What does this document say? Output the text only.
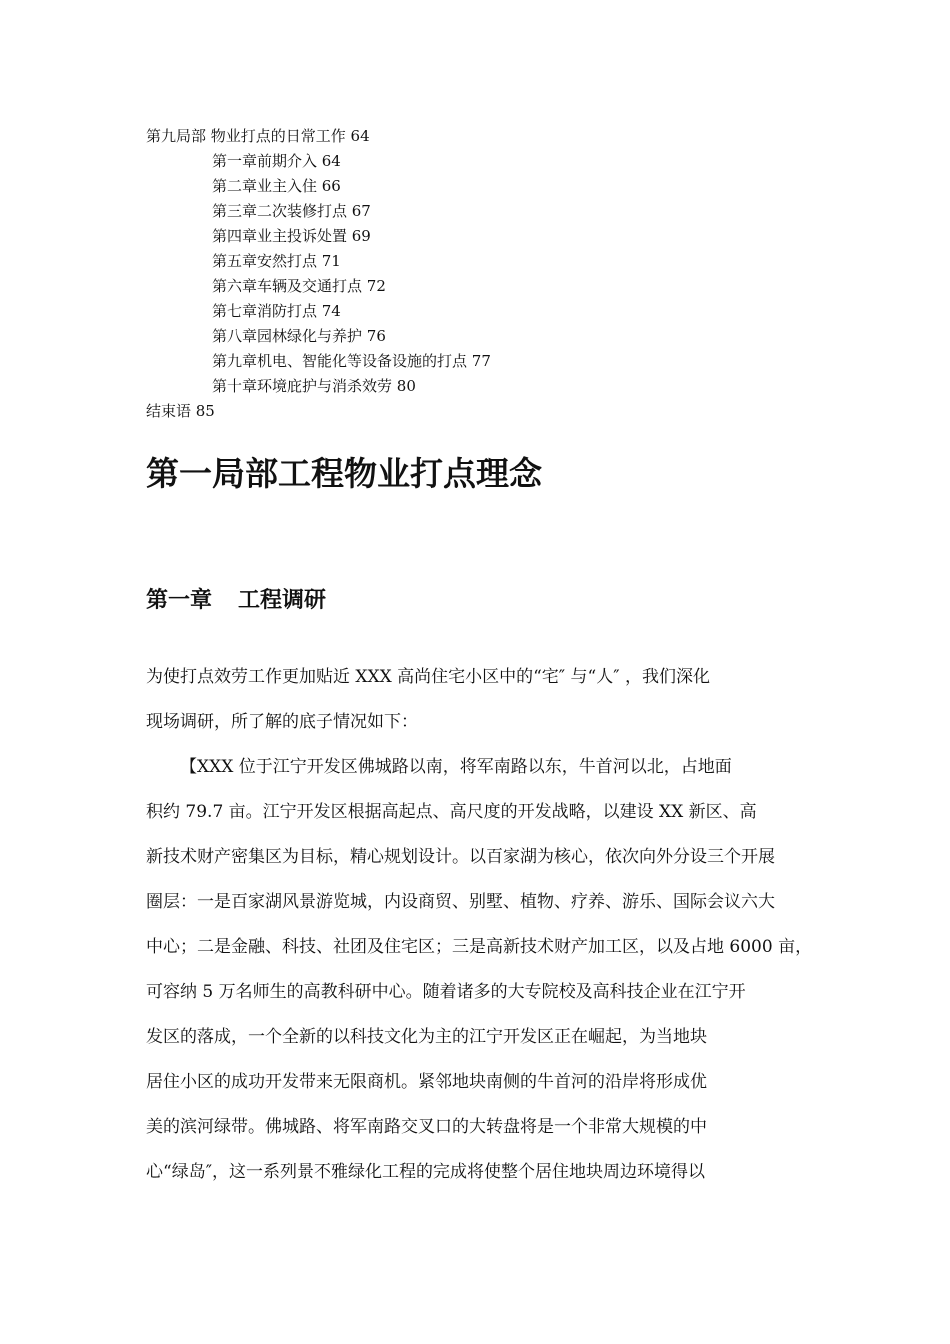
第九局部 物业打点的日常工作 64
第一章前期介入 64
第二章业主入住 66
第三章二次装修打点 67
第四章业主投诉处置 69
第五章安然打点 71
第六章车辆及交通打点 72
第七章消防打点 74
第八章园林绿化与养护 76
第九章机电、智能化等设备设施的打点 77
第十章环境庇护与消杀效劳 80
结束语 85
第一局部工程物业打点理念
第一章 工程调研
为使打点效劳工作更加贴近 XXX 高尚住宅小区中的“宅″ 与“人″ ，我们深化
现场调研，所了解的底子情况如下：
【XXX 位于江宁开发区佛城路以南，将军南路以东，牛首河以北，占地面
积约 79.7 亩。江宁开发区根据高起点、高尺度的开发战略，以建设 XX 新区、高
新技术财产密集区为目标，精心规划设计。以百家湖为核心，依次向外分设三个开展
圈层：一是百家湖风景游览城，内设商贸、别墅、植物、疗养、游乐、国际会议六大
中心；二是金融、科技、社团及住宅区；三是高新技术财产加工区，以及占地 6000 亩，
可容纳 5 万名师生的高教科研中心。随着诸多的大专院校及高科技企业在江宁开
发区的落成，一个全新的以科技文化为主的江宁开发区正在崛起，为当地块
居住小区的成功开发带来无限商机。紧邻地块南侧的牛首河的沿岸将形成优
美的滨河绿带。佛城路、将军南路交叉口的大转盘将是一个非常大规模的中
心“绿岛″，这一系列景不雅绿化工程的完成将使整个居住地块周边环境得以
